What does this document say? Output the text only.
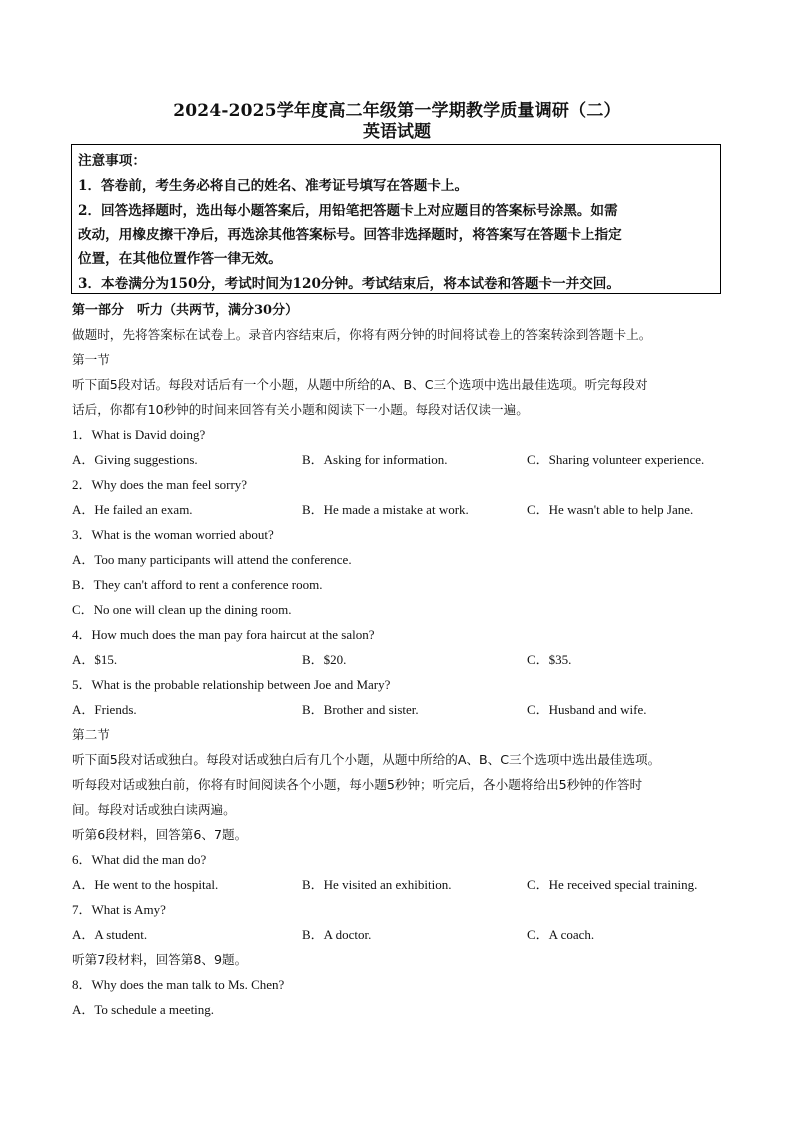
2024-2025学年度高二年级第一学期教学质量调研（二）
英语试题
注意事项：
1．答卷前，考生务必将自己的姓名、准考证号填写在答题卡上。
2．回答选择题时，选出每小题答案后，用铅笔把答题卡上对应题目的答案标号涂黑。如需
改动，用橡皮擦干净后，再选涂其他答案标号。回答非选择题时，将答案写在答题卡上指定
位置，在其他位置作答一律无效。
3．本卷满分为150分，考试时间为120分钟。考试结束后，将本试卷和答题卡一并交回。
第一部分　听力（共两节，满分30分）
做题时，先将答案标在试卷上。录音内容结束后，你将有两分钟的时间将试卷上的答案转涂到答题卡上。
第一节
听下面5段对话。每段对话后有一个小题，从题中所给的A、B、C三个选项中选出最佳选项。听完每段对
话后，你都有10秒钟的时间来回答有关小题和阅读下一小题。每段对话仅读一遍。
1．What is David doing?
A．Giving suggestions.	B．Asking for information.	C．Sharing volunteer experience.
2．Why does the man feel sorry?
A．He failed an exam.	B．He made a mistake at work.	C．He wasn't able to help Jane.
3．What is the woman worried about?
A．Too many participants will attend the conference.
B．They can't afford to rent a conference room.
C．No one will clean up the dining room.
4．How much does the man pay fora haircut at the salon?
A．$15.	B．$20.	C．$35.
5．What is the probable relationship between Joe and Mary?
A．Friends.	B．Brother and sister.	C．Husband and wife.
第二节
听下面5段对话或独白。每段对话或独白后有几个小题，从题中所给的A、B、C三个选项中选出最佳选项。
听每段对话或独白前，你将有时间阅读各个小题，每小题5秒钟；听完后，各小题将给出5秒钟的作答时
间。每段对话或独白读两遍。
听第6段材料，回答第6、7题。
6．What did the man do?
A．He went to the hospital.	B．He visited an exhibition.	C．He received special training.
7．What is Amy?
A．A student.	B．A doctor.	C．A coach.
听第7段材料，回答第8、9题。
8．Why does the man talk to Ms. Chen?
A．To schedule a meeting.
